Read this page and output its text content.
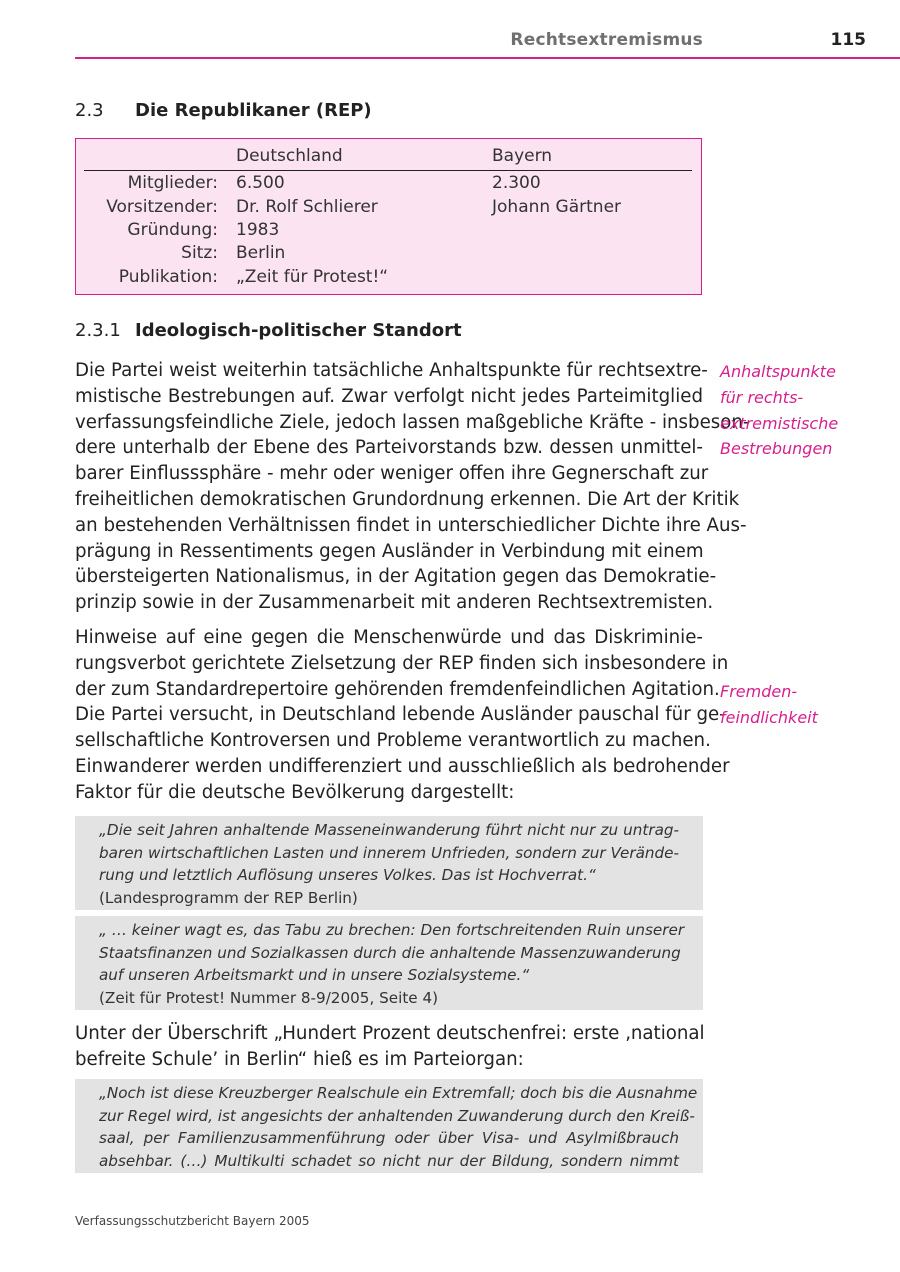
Rechtsextremismus	115
2.3 Die Republikaner (REP)
Deutschland	Bayern
Mitglieder: 6.500	2.300
Vorsitzender: Dr. Rolf Schlierer	Johann Gärtner
Gründung: 1983
Sitz: Berlin
Publikation: „Zeit für Protest!“
2.3.1 Ideologisch-politischer Standort
Die Partei weist weiterhin tatsächliche Anhaltspunkte für rechtsextre-
mistische Bestrebungen auf. Zwar verfolgt nicht jedes Parteimitglied
verfassungsfeindliche Ziele, jedoch lassen maßgebliche Kräfte - insbeson-
dere unterhalb der Ebene des Parteivorstands bzw. dessen unmittel-
barer Einflusssphäre - mehr oder weniger offen ihre Gegnerschaft zur
freiheitlichen demokratischen Grundordnung erkennen. Die Art der Kritik
an bestehenden Verhältnissen findet in unterschiedlicher Dichte ihre Aus-
prägung in Ressentiments gegen Ausländer in Verbindung mit einem
übersteigerten Nationalismus, in der Agitation gegen das Demokratie-
prinzip sowie in der Zusammenarbeit mit anderen Rechtsextremisten.
Anhaltspunkte
für rechts-
extremistische
Bestrebungen
Hinweise auf eine gegen die Menschenwürde und das Diskriminie-
rungsverbot gerichtete Zielsetzung der REP finden sich insbesondere in
der zum Standardrepertoire gehörenden fremdenfeindlichen Agitation.
Die Partei versucht, in Deutschland lebende Ausländer pauschal für ge-
sellschaftliche Kontroversen und Probleme verantwortlich zu machen.
Einwanderer werden undifferenziert und ausschließlich als bedrohender
Faktor für die deutsche Bevölkerung dargestellt:
Fremden-
feindlichkeit
„Die seit Jahren anhaltende Masseneinwanderung führt nicht nur zu untrag-
baren wirtschaftlichen Lasten und innerem Unfrieden, sondern zur Verände-
rung und letztlich Auflösung unseres Volkes. Das ist Hochverrat.“
(Landesprogramm der REP Berlin)
„ … keiner wagt es, das Tabu zu brechen: Den fortschreitenden Ruin unserer
Staatsfinanzen und Sozialkassen durch die anhaltende Massenzuwanderung
auf unseren Arbeitsmarkt und in unsere Sozialsysteme.“
(Zeit für Protest! Nummer 8-9/2005, Seite 4)
Unter der Überschrift „Hundert Prozent deutschenfrei: erste ‚national
befreite Schule’ in Berlin“ hieß es im Parteiorgan:
„Noch ist diese Kreuzberger Realschule ein Extremfall; doch bis die Ausnahme
zur Regel wird, ist angesichts der anhaltenden Zuwanderung durch den Kreiß-
saal, per Familienzusammenführung oder über Visa- und Asylmißbrauch
absehbar. (…) Multikulti schadet so nicht nur der Bildung, sondern nimmt
Verfassungsschutzbericht Bayern 2005
